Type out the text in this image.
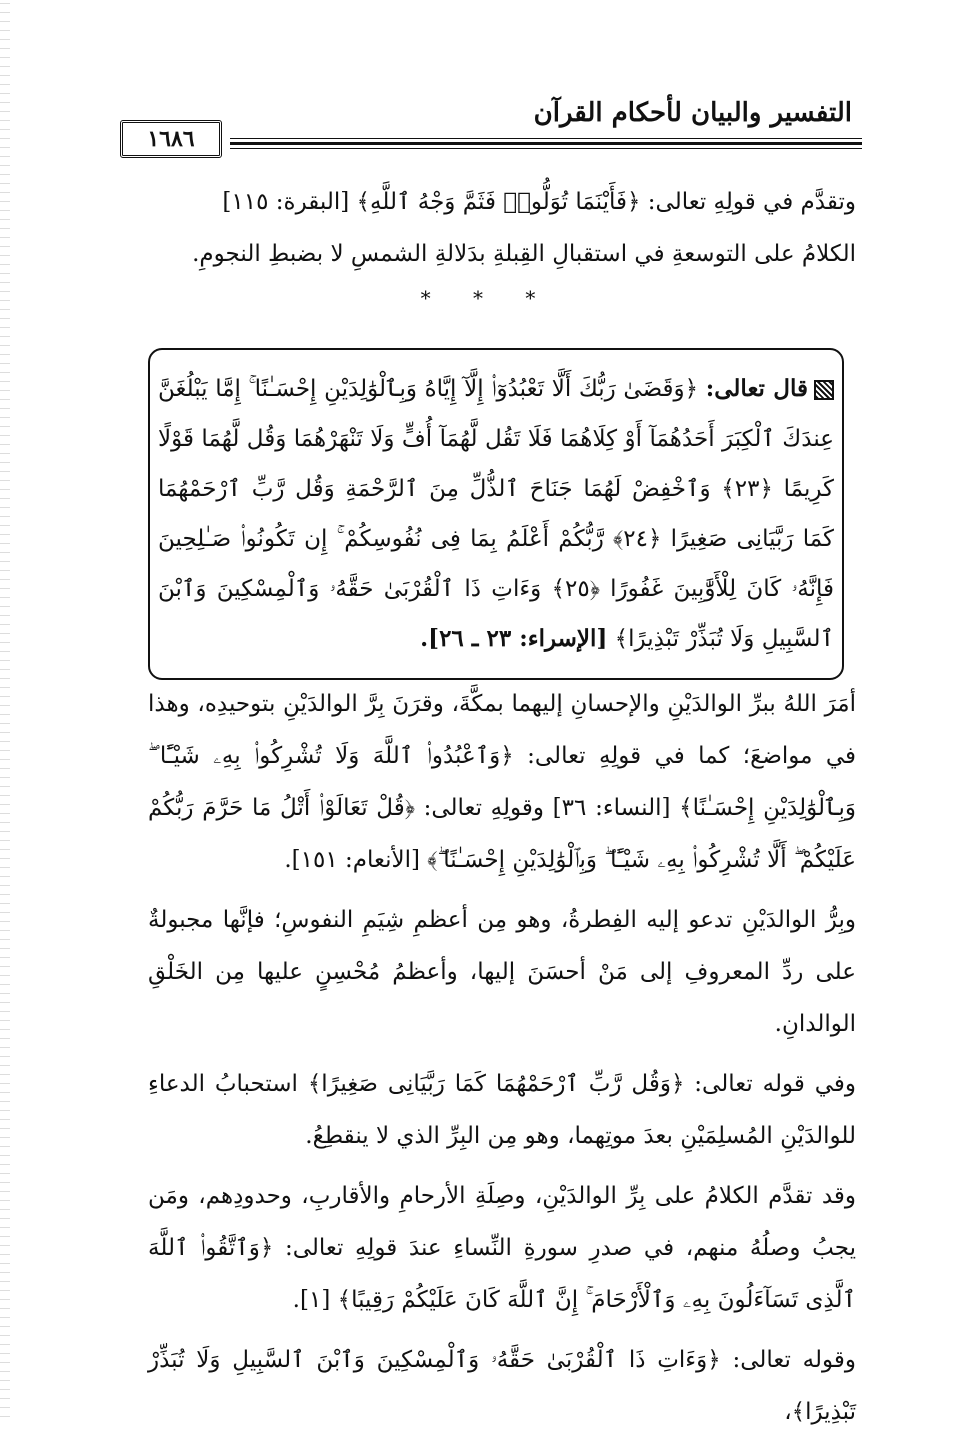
التفسير والبيان لأحكام القرآن
١٦٨٦

وتقدَّم في قولِهِ تعالى: ﴿فَأَيْنَمَا تُوَلُّوا۟ فَثَمَّ وَجْهُ ٱللَّهِ﴾ [البقرة: ١١٥]

الكلامُ على التوسعةِ في استقبالِ القِبلةِ بدَلالةِ الشمسِ لا بضبطِ النجومِ.

* * *

قال تعالى: ﴿وَقَضَىٰ رَبُّكَ أَلَّا تَعْبُدُوٓا۟ إِلَّآ إِيَّاهُ وَبِٱلْوَٰلِدَيْنِ إِحْسَـٰنًا ۚ إِمَّا يَبْلُغَنَّ عِندَكَ ٱلْكِبَرَ أَحَدُهُمَآ أَوْ كِلَاهُمَا فَلَا تَقُل لَّهُمَآ أُفٍّ وَلَا تَنْهَرْهُمَا وَقُل لَّهُمَا قَوْلًا كَرِيمًا ﴿٢٣﴾ وَٱخْفِضْ لَهُمَا جَنَاحَ ٱلذُّلِّ مِنَ ٱلرَّحْمَةِ وَقُل رَّبِّ ٱرْحَمْهُمَا كَمَا رَبَّيَانِى صَغِيرًا ﴿٢٤﴾ رَّبُّكُمْ أَعْلَمُ بِمَا فِى نُفُوسِكُمْ ۚ إِن تَكُونُوا۟ صَـٰلِحِينَ فَإِنَّهُۥ كَانَ لِلْأَوَّٰبِينَ غَفُورًا ﴿٢٥﴾ وَءَاتِ ذَا ٱلْقُرْبَىٰ حَقَّهُۥ وَٱلْمِسْكِينَ وَٱبْنَ ٱلسَّبِيلِ وَلَا تُبَذِّرْ تَبْذِيرًا﴾ [الإسراء: ٢٣ ـ ٢٦].

أمَرَ اللهُ ببرِّ الوالدَيْنِ والإحسانِ إليهما بمكَّةَ، وقرَنَ بِرَّ الوالدَيْنِ بتوحيدِه، وهذا في مواضعَ؛ كما في قولِهِ تعالى: ﴿وَٱعْبُدُوا۟ ٱللَّهَ وَلَا تُشْرِكُوا۟ بِهِۦ شَيْـًٔا ۖ وَبِٱلْوَٰلِدَيْنِ إِحْسَـٰنًا﴾ [النساء: ٣٦] وقولِهِ تعالى: ﴿قُلْ تَعَالَوْا۟ أَتْلُ مَا حَرَّمَ رَبُّكُمْ عَلَيْكُمْ ۖ أَلَّا تُشْرِكُوا۟ بِهِۦ شَيْـًٔا ۖ وَبِٱلْوَٰلِدَيْنِ إِحْسَـٰنًا ۖ﴾ [الأنعام: ١٥١].

وبِرُّ الوالدَيْنِ تدعو إليه الفِطرةُ، وهو مِن أعظمِ شِيَمِ النفوسِ؛ فإنَّها مجبولةٌ على ردِّ المعروفِ إلى مَنْ أحسَنَ إليها، وأعظمُ مُحْسِنٍ عليها مِن الخَلْقِ الوالدانِ.

وفي قوله تعالى: ﴿وَقُل رَّبِّ ٱرْحَمْهُمَا كَمَا رَبَّيَانِى صَغِيرًا﴾ استحبابُ الدعاءِ للوالدَيْنِ المُسلِمَيْنِ بعدَ موتِهما، وهو مِن البِرِّ الذي لا ينقطِعُ.

وقد تقدَّم الكلامُ على بِرِّ الوالدَيْنِ، وصِلَةِ الأرحامِ والأقاربِ، وحدودِهم، ومَن يجبُ وصلُهُ منهم، في صدرِ سورةِ النِّساءِ عندَ قولِهِ تعالى: ﴿وَٱتَّقُوا۟ ٱللَّهَ ٱلَّذِى تَسَآءَلُونَ بِهِۦ وَٱلْأَرْحَامَ ۚ إِنَّ ٱللَّهَ كَانَ عَلَيْكُمْ رَقِيبًا﴾ [١].

وقوله تعالى: ﴿وَءَاتِ ذَا ٱلْقُرْبَىٰ حَقَّهُۥ وَٱلْمِسْكِينَ وَٱبْنَ ٱلسَّبِيلِ وَلَا تُبَذِّرْ تَبْذِيرًا﴾،
